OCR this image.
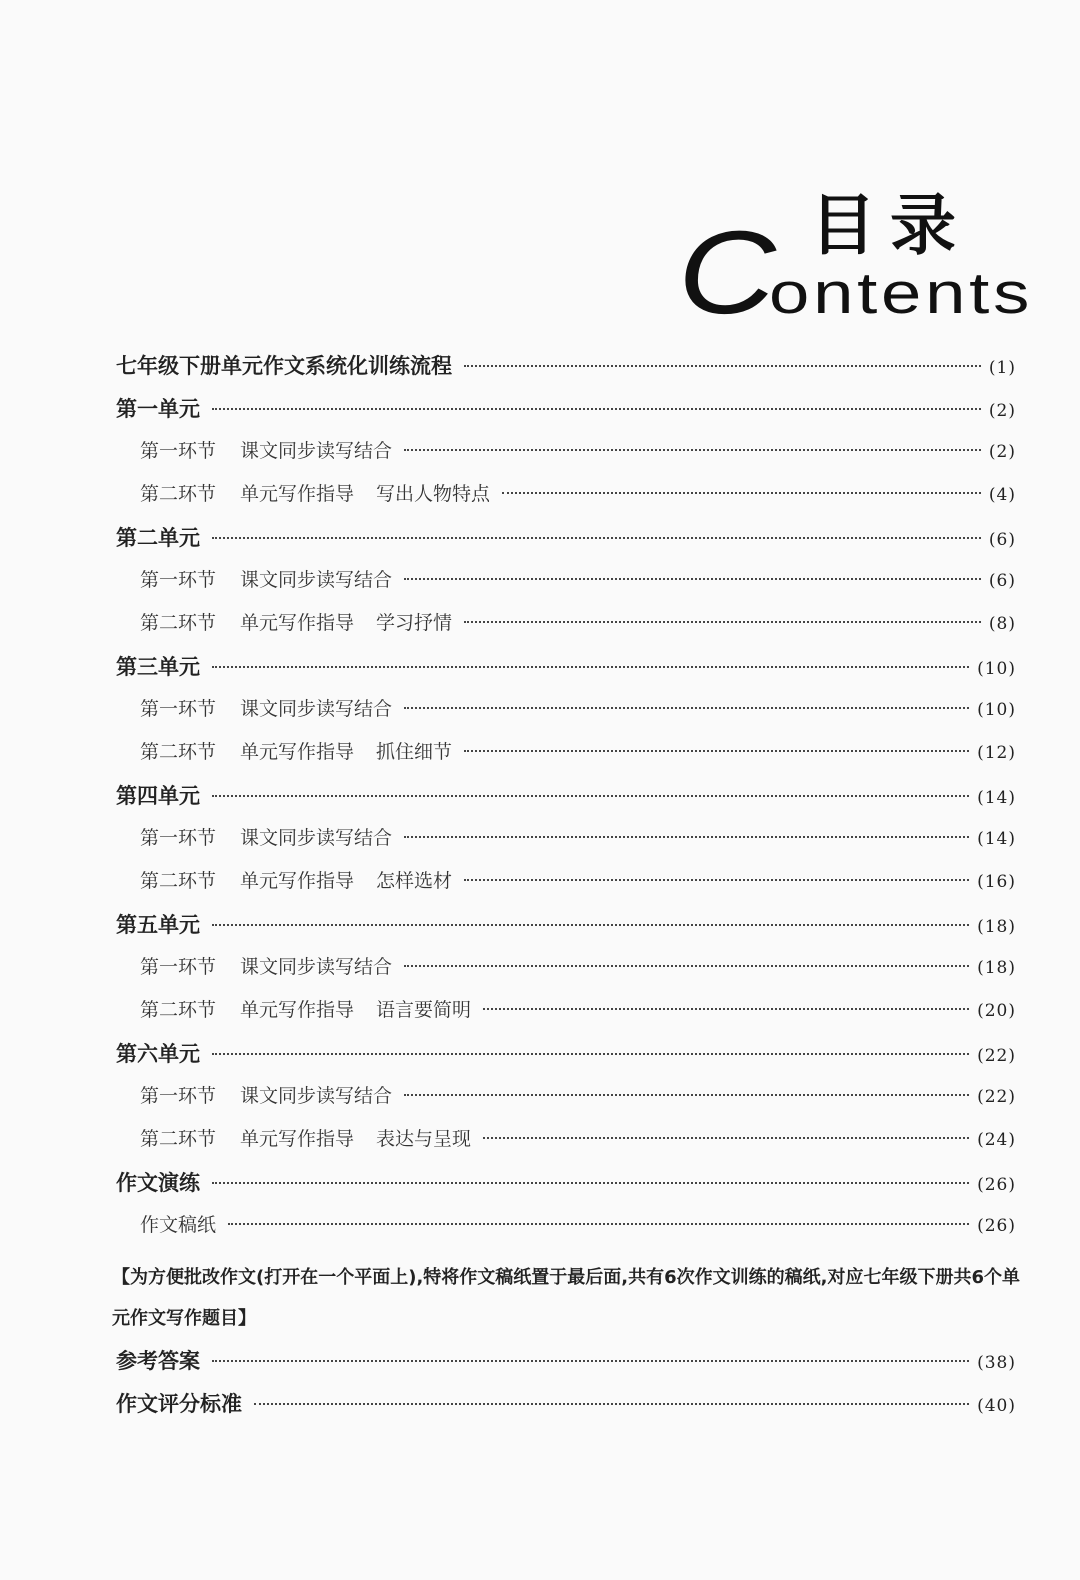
目录
Contents
七年级下册单元作文系统化训练流程	(1)
第一单元	(2)
第一环节 课文同步读写结合	(2)
第二环节 单元写作指导 写出人物特点	(4)
第二单元	(6)
第一环节 课文同步读写结合	(6)
第二环节 单元写作指导 学习抒情	(8)
第三单元	(10)
第一环节 课文同步读写结合	(10)
第二环节 单元写作指导 抓住细节	(12)
第四单元	(14)
第一环节 课文同步读写结合	(14)
第二环节 单元写作指导 怎样选材	(16)
第五单元	(18)
第一环节 课文同步读写结合	(18)
第二环节 单元写作指导 语言要简明	(20)
第六单元	(22)
第一环节 课文同步读写结合	(22)
第二环节 单元写作指导 表达与呈现	(24)
作文演练	(26)
作文稿纸	(26)
【为方便批改作文(打开在一个平面上),特将作文稿纸置于最后面,共有6次作文训练的稿纸,对应七年级下册共6个单元作文写作题目】
参考答案	(38)
作文评分标准	(40)
